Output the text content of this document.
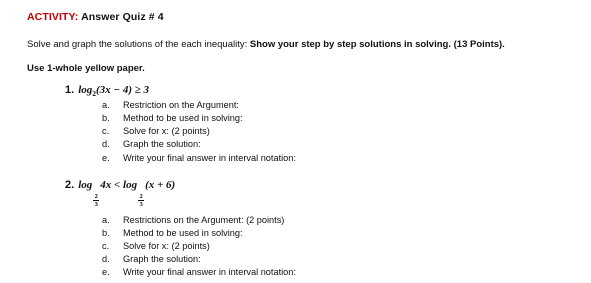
ACTIVITY: Answer Quiz # 4
Solve and graph the solutions of the each inequality: Show your step by step solutions in solving. (13 Points).
Use 1-whole yellow paper.
1. $\log_2(3x - 4) \ge 3$
a. Restriction on the Argument:
b. Method to be used in solving:
c. Solve for x: (2 points)
d. Graph the solution:
e. Write your final answer in interval notation:
2. log
$\frac{2}{3}$
4x < log
$\frac{2}{3}$
(x + 6)
a. Restrictions on the Argument: (2 points)
b. Method to be used in solving:
c. Solve for x: (2 points)
d. Graph the solution:
e. Write your final answer in interval notation:
